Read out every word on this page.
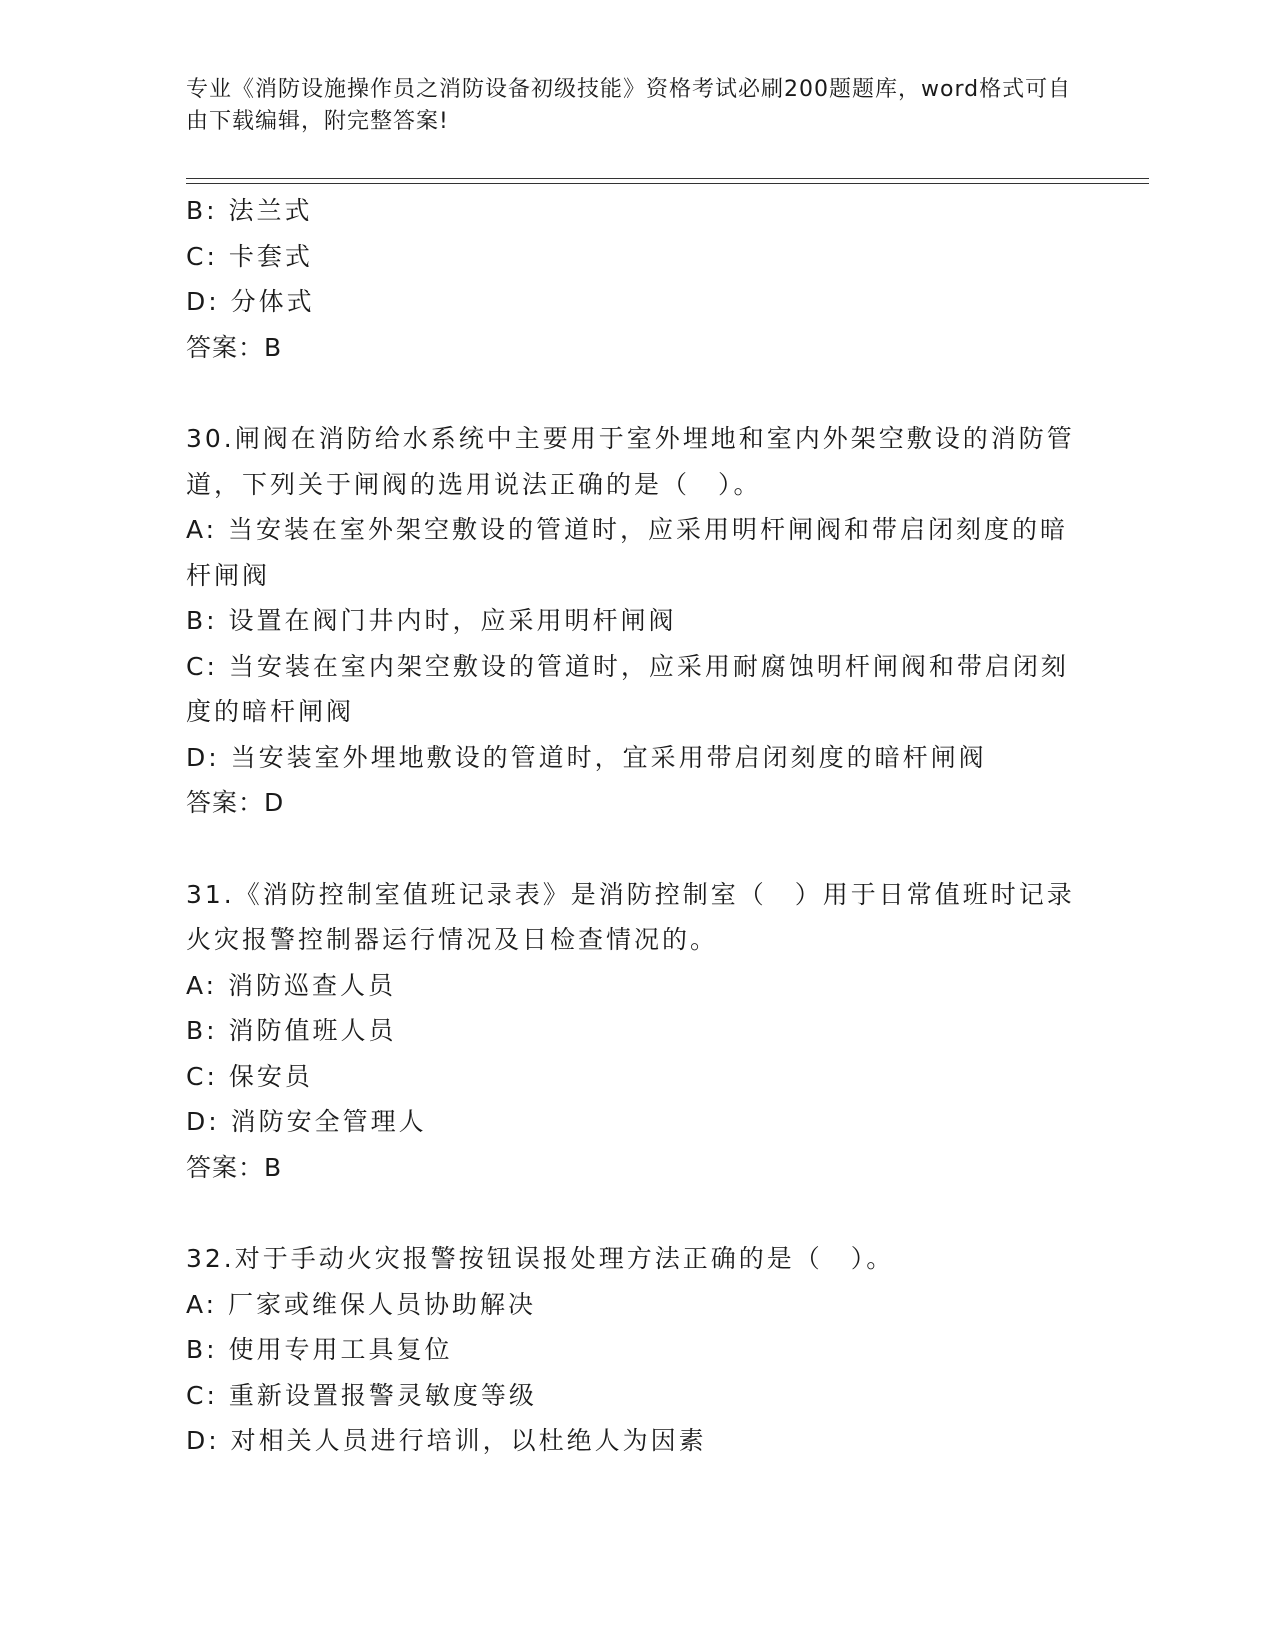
专业《消防设施操作员之消防设备初级技能》资格考试必刷200题题库，word格式可自由下载编辑，附完整答案!
B: 法兰式
C: 卡套式
D: 分体式
答案：B
30.闸阀在消防给水系统中主要用于室外埋地和室内外架空敷设的消防管道，下列关于闸阀的选用说法正确的是（　）。
A: 当安装在室外架空敷设的管道时，应采用明杆闸阀和带启闭刻度的暗杆闸阀
B: 设置在阀门井内时，应采用明杆闸阀
C: 当安装在室内架空敷设的管道时，应采用耐腐蚀明杆闸阀和带启闭刻度的暗杆闸阀
D: 当安装室外埋地敷设的管道时，宜采用带启闭刻度的暗杆闸阀
答案：D
31.《消防控制室值班记录表》是消防控制室（　）用于日常值班时记录火灾报警控制器运行情况及日检查情况的。
A: 消防巡查人员
B: 消防值班人员
C: 保安员
D: 消防安全管理人
答案：B
32.对于手动火灾报警按钮误报处理方法正确的是（　）。
A: 厂家或维保人员协助解决
B: 使用专用工具复位
C: 重新设置报警灵敏度等级
D: 对相关人员进行培训，以杜绝人为因素
